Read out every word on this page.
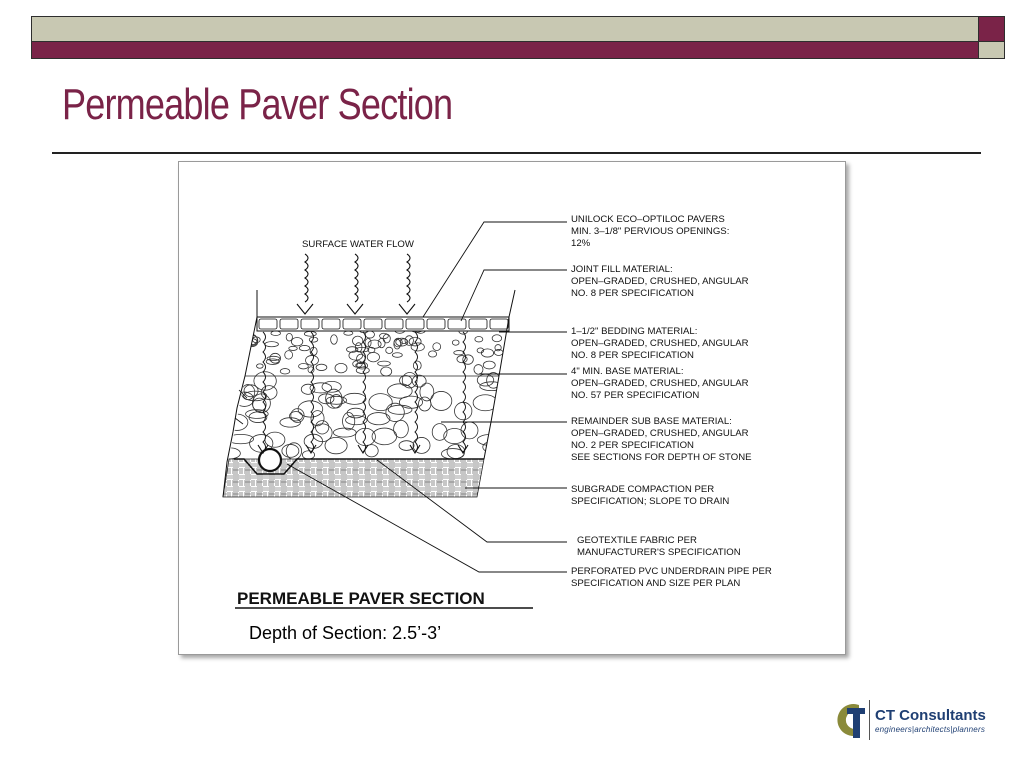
Permeable Paver Section
SURFACE WATER FLOW
UNILOCK ECO–OPTILOC PAVERS MIN. 3–1/8" PERVIOUS OPENINGS: 12%
JOINT FILL MATERIAL: OPEN–GRADED, CRUSHED, ANGULAR NO. 8 PER SPECIFICATION
1–1/2" BEDDING MATERIAL: OPEN–GRADED, CRUSHED, ANGULAR NO. 8 PER SPECIFICATION
4" MIN. BASE MATERIAL: OPEN–GRADED, CRUSHED, ANGULAR NO. 57 PER SPECIFICATION
REMAINDER SUB BASE MATERIAL: OPEN–GRADED, CRUSHED, ANGULAR NO. 2 PER SPECIFICATION SEE SECTIONS FOR DEPTH OF STONE
SUBGRADE COMPACTION PER SPECIFICATION; SLOPE TO DRAIN
GEOTEXTILE FABRIC PER MANUFACTURER'S SPECIFICATION
PERFORATED PVC UNDERDRAIN PIPE PER SPECIFICATION AND SIZE PER PLAN
PERMEABLE PAVER SECTION
Depth of Section: 2.5’-3’
CT Consultants
engineers|architects|planners
